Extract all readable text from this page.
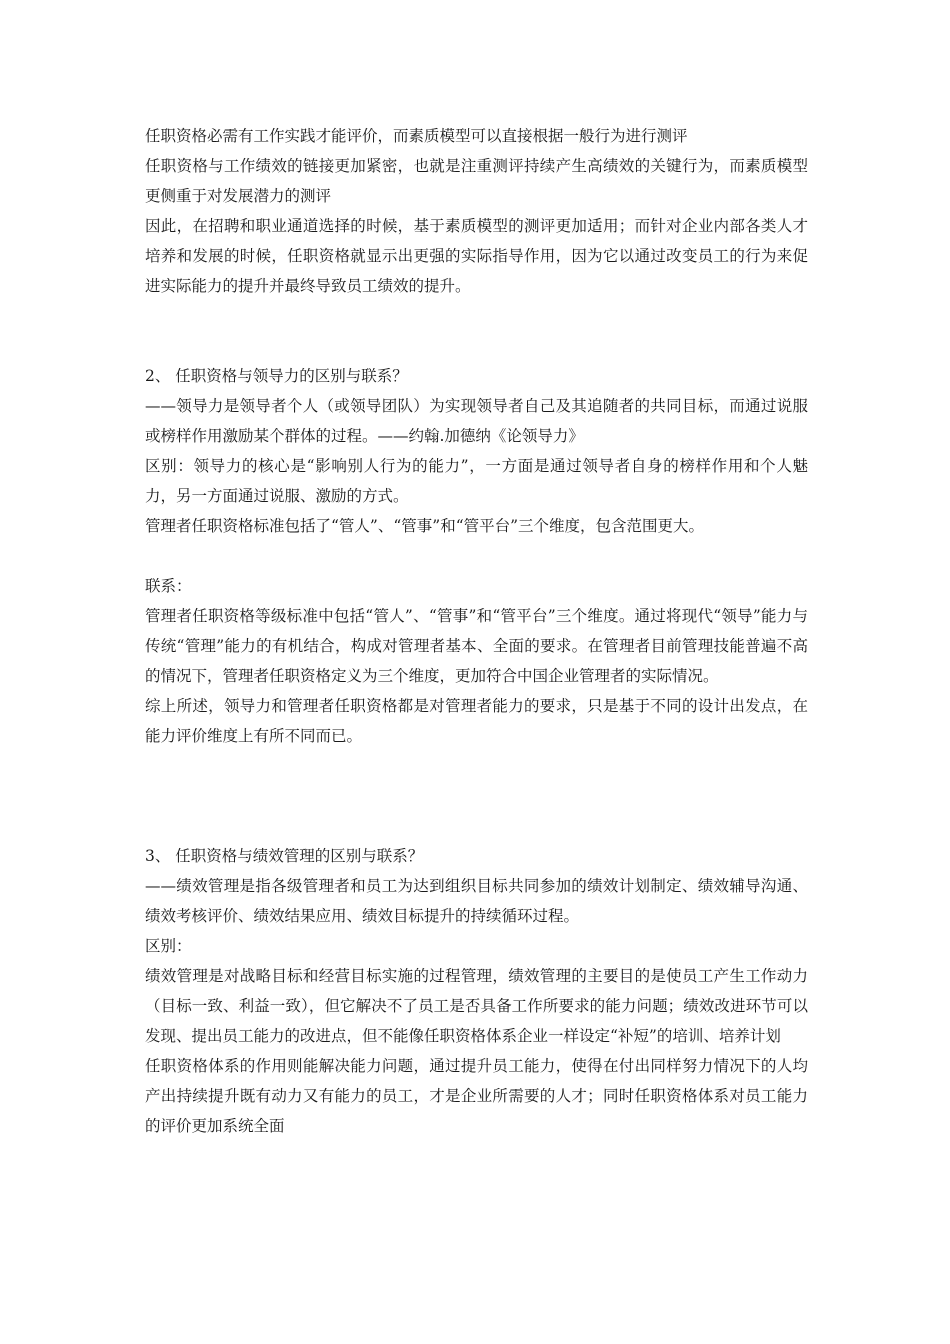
任职资格必需有工作实践才能评价，而素质模型可以直接根据一般行为进行测评

任职资格与工作绩效的链接更加紧密，也就是注重测评持续产生高绩效的关键行为，而素质模型更侧重于对发展潜力的测评

因此，在招聘和职业通道选择的时候，基于素质模型的测评更加适用；而针对企业内部各类人才培养和发展的时候，任职资格就显示出更强的实际指导作用，因为它以通过改变员工的行为来促进实际能力的提升并最终导致员工绩效的提升。

2、 任职资格与领导力的区别与联系？

——领导力是领导者个人（或领导团队）为实现领导者自己及其追随者的共同目标，而通过说服或榜样作用激励某个群体的过程。——约翰.加德纳《论领导力》

区别：领导力的核心是“影响别人行为的能力”，一方面是通过领导者自身的榜样作用和个人魅力，另一方面通过说服、激励的方式。

管理者任职资格标准包括了“管人”、“管事”和“管平台”三个维度，包含范围更大。

联系：

管理者任职资格等级标准中包括“管人”、“管事”和“管平台”三个维度。通过将现代“领导”能力与传统“管理”能力的有机结合，构成对管理者基本、全面的要求。在管理者目前管理技能普遍不高的情况下，管理者任职资格定义为三个维度，更加符合中国企业管理者的实际情况。

综上所述，领导力和管理者任职资格都是对管理者能力的要求，只是基于不同的设计出发点，在能力评价维度上有所不同而已。

3、 任职资格与绩效管理的区别与联系？

——绩效管理是指各级管理者和员工为达到组织目标共同参加的绩效计划制定、绩效辅导沟通、绩效考核评价、绩效结果应用、绩效目标提升的持续循环过程。

区别：

绩效管理是对战略目标和经营目标实施的过程管理，绩效管理的主要目的是使员工产生工作动力（目标一致、利益一致），但它解决不了员工是否具备工作所要求的能力问题；绩效改进环节可以发现、提出员工能力的改进点，但不能像任职资格体系企业一样设定“补短”的培训、培养计划

任职资格体系的作用则能解决能力问题，通过提升员工能力，使得在付出同样努力情况下的人均产出持续提升既有动力又有能力的员工，才是企业所需要的人才；同时任职资格体系对员工能力的评价更加系统全面
